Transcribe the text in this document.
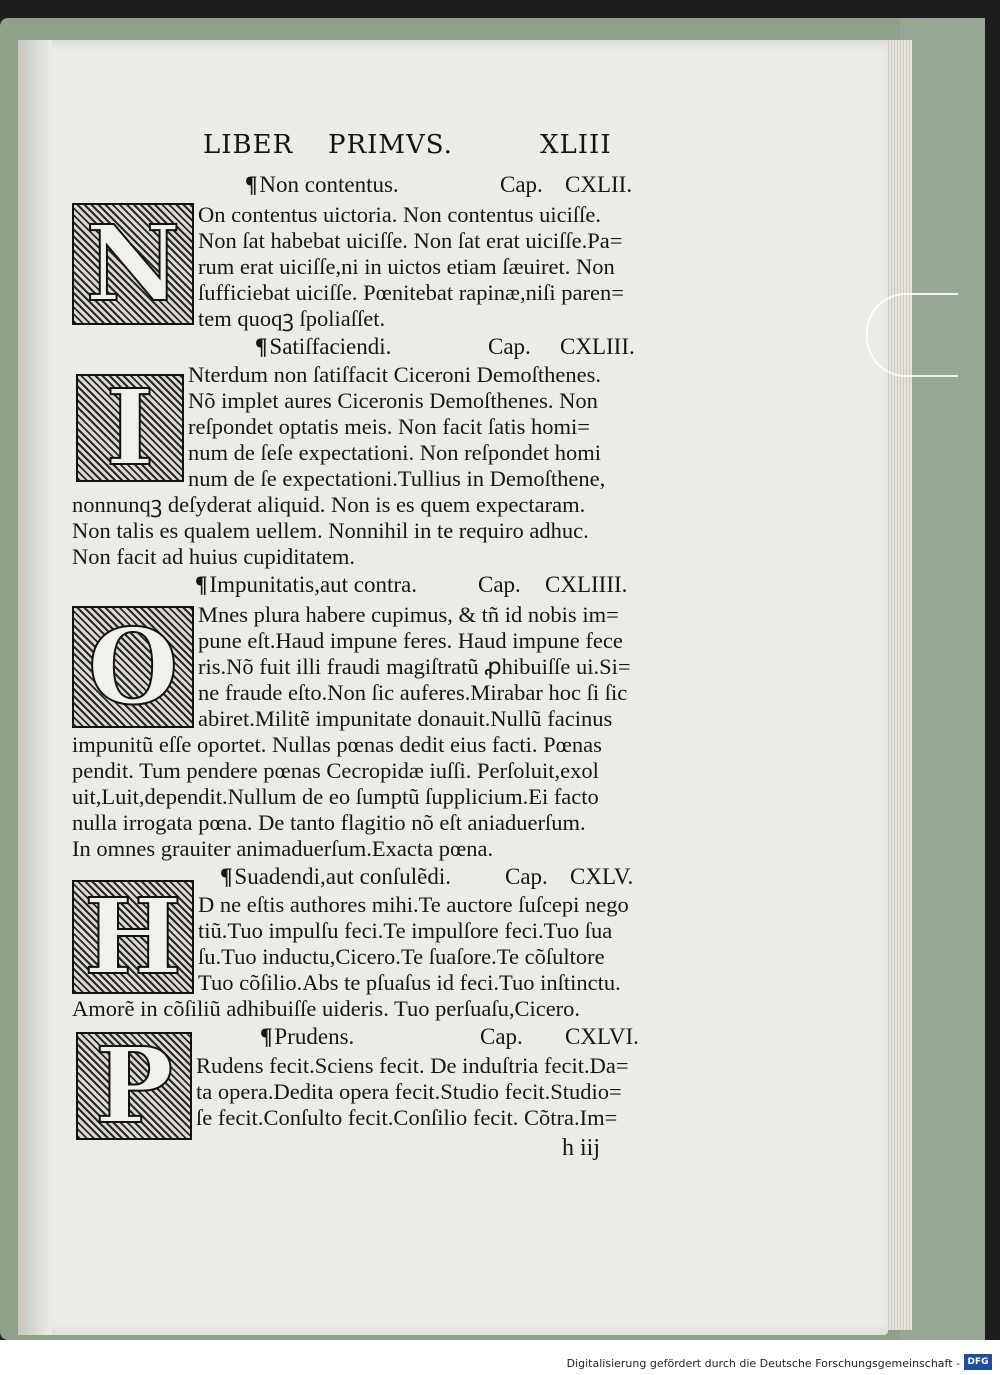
LIBER PRIMVS.	XLIII
¶Non contentus.	Cap. CXLII.
N On contentus uictoria. Non contentus uiciſſe.
Non ſat habebat uiciſſe. Non ſat erat uiciſſe.Pa=
rum erat uiciſſe,ni in uictos etiam ſæuiret. Non
ſufficiebat uiciſſe. Pœnitebat rapinæ,niſi paren=
tem quoqꝫ ſpoliaſſet.
¶Satiſfaciendi.	Cap. CXLIII.
I Nterdum non ſatiſfacit Ciceroni Demoſthenes.
Nõ implet aures Ciceronis Demoſthenes. Non
reſpondet optatis meis. Non facit ſatis homi=
num de ſeſe expectationi. Non reſpondet homi
num de ſe expectationi.Tullius in Demoſthene,
nonnunqꝫ deſyderat aliquid. Non is es quem expectaram.
Non talis es qualem uellem. Nonnihil in te requiro adhuc.
Non facit ad huius cupiditatem.
¶Impunitatis,aut contra.	Cap. CXLIIII.
O Mnes plura habere cupimus, & tñ id nobis im=
pune eſt.Haud impune feres. Haud impune fece
ris.Nõ fuit illi fraudi magiſtratũ ꝓhibuiſſe ui.Si=
ne fraude eſto.Non ſic auferes.Mirabar hoc ſi ſic
abiret.Militẽ impunitate donauit.Nullũ facinus
impunitũ eſſe oportet. Nullas pœnas dedit eius facti. Pœnas
pendit. Tum pendere pœnas Cecropidæ iuſſi. Perſoluit,exol
uit,Luit,dependit.Nullum de eo ſumptũ ſupplicium.Ei facto
nulla irrogata pœna. De tanto flagitio nõ eſt aniaduerſum.
In omnes grauiter animaduerſum.Exacta pœna.
¶Suadendi,aut conſulẽdi. Cap. CXLV.
H D ne eſtis authores mihi.Te auctore ſuſcepi nego
tiũ.Tuo impulſu feci.Te impulſore feci.Tuo ſua
ſu.Tuo inductu,Cicero.Te ſuaſore.Te cõſultore
Tuo cõſilio.Abs te pſuaſus id feci.Tuo inſtinctu.
Amorẽ in cõſiliũ adhibuiſſe uideris. Tuo perſuaſu,Cicero.
¶Prudens.	Cap. CXLVI.
P Rudens fecit.Sciens fecit. De induſtria fecit.Da=
ta opera.Dedita opera fecit.Studio fecit.Studio=
ſe fecit.Conſulto fecit.Conſilio fecit. Cõtra.Im=
h iij
Digitalisierung gefördert durch die Deutsche Forschungsgemeinschaft - DFG
